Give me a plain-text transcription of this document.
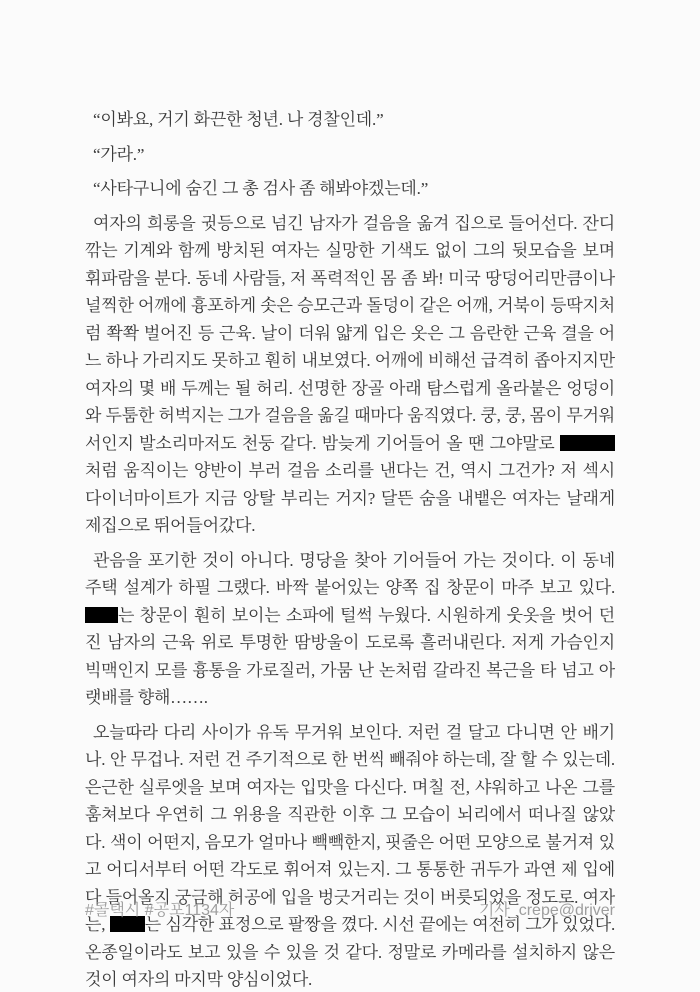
“이봐요, 거기 화끈한 청년. 나 경찰인데.”

“가라.”

“사타구니에 숨긴 그 총 검사 좀 해봐야겠는데.”

여자의 희롱을 귓등으로 넘긴 남자가 걸음을 옮겨 집으로 들어선다. 잔디 깎는 기계와 함께 방치된 여자는 실망한 기색도 없이 그의 뒷모습을 보며 휘파람을 분다. 동네 사람들, 저 폭력적인 몸 좀 봐! 미국 땅덩어리만큼이나 널찍한 어깨에 흉포하게 솟은 승모근과 돌덩이 같은 어깨, 거북이 등딱지처럼 쫙쫙 벌어진 등 근육. 날이 더워 얇게 입은 옷은 그 음란한 근육 결을 어느 하나 가리지도 못하고 훤히 내보였다. 어깨에 비해선 급격히 좁아지지만 여자의 몇 배 두께는 될 허리. 선명한 장골 아래 탐스럽게 올라붙은 엉덩이와 두툼한 허벅지는 그가 걸음을 옮길 때마다 움직였다. 쿵, 쿵, 몸이 무거워서인지 발소리마저도 천둥 같다. 밤늦게 기어들어 올 땐 그야말로 처럼 움직이는 양반이 부러 걸음 소리를 낸다는 건, 역시 그건가? 저 섹시 다이너마이트가 지금 앙탈 부리는 거지? 달뜬 숨을 내뱉은 여자는 날래게 제집으로 뛰어들어갔다.

관음을 포기한 것이 아니다. 명당을 찾아 기어들어 가는 것이다. 이 동네 주택 설계가 하필 그랬다. 바짝 붙어있는 양쪽 집 창문이 마주 보고 있다. 는 창문이 훤히 보이는 소파에 털썩 누웠다. 시원하게 웃옷을 벗어 던진 남자의 근육 위로 투명한 땀방울이 도로록 흘러내린다. 저게 가슴인지 빅맥인지 모를 흉통을 가로질러, 가뭄 난 논처럼 갈라진 복근을 타 넘고 아랫배를 향해…….

오늘따라 다리 사이가 유독 무거워 보인다. 저런 걸 달고 다니면 안 배기나. 안 무겁나. 저런 건 주기적으로 한 번씩 빼줘야 하는데, 잘 할 수 있는데. 은근한 실루엣을 보며 여자는 입맛을 다신다. 며칠 전, 샤워하고 나온 그를 훔쳐보다 우연히 그 위용을 직관한 이후 그 모습이 뇌리에서 떠나질 않았다. 색이 어떤지, 음모가 얼마나 빽빽한지, 핏줄은 어떤 모양으로 불거져 있고 어디서부터 어떤 각도로 휘어져 있는지. 그 통통한 귀두가 과연 제 입에 다 들어올지 궁금해 허공에 입을 벙긋거리는 것이 버릇되었을 정도로. 여자는, 는 심각한 표정으로 팔짱을 꼈다. 시선 끝에는 여전히 그가 있었다. 온종일이라도 보고 있을 수 있을 것 같다. 정말로 카메라를 설치하지 않은 것이 여자의 마지막 양심이었다.

#콜택시 #공포1134자	기사_crepe@driver
